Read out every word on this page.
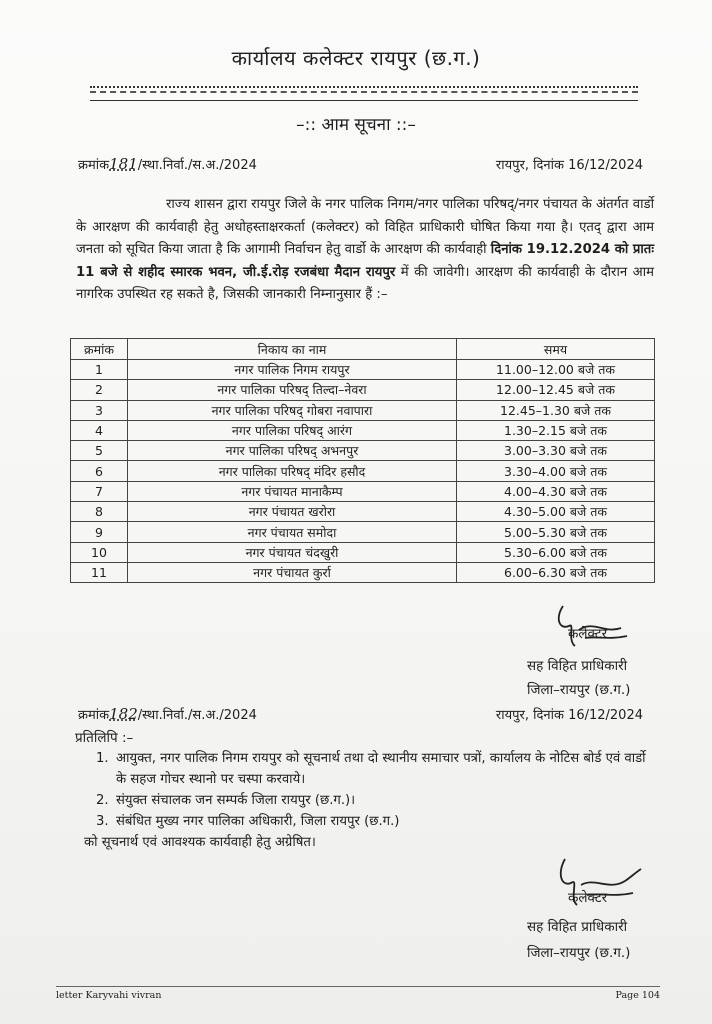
कार्यालय कलेक्टर रायपुर (छ.ग.)
–:: आम सूचना ::–
क्रमांक181/स्था.निर्वा./स.अ./2024	रायपुर, दिनांक 16/12/2024
राज्य शासन द्वारा रायपुर जिले के नगर पालिक निगम/नगर पालिका परिषद्/नगर पंचायत के अंतर्गत वार्डो के आरक्षण की कार्यवाही हेतु अधोहस्ताक्षरकर्ता (कलेक्टर) को विहित प्राधिकारी घोषित किया गया है। एतद् द्वारा आम जनता को सूचित किया जाता है कि आगामी निर्वाचन हेतु वार्डो के आरक्षण की कार्यवाही दिनांक 19.12.2024 को प्रातः 11 बजे से शहीद स्मारक भवन, जी.ई.रोड़ रजबंधा मैदान रायपुर में की जावेगी। आरक्षण की कार्यवाही के दौरान आम नागरिक उपस्थित रह सकते है, जिसकी जानकारी निम्नानुसार हैं :–
क्रमांक	निकाय का नाम	समय
1	नगर पालिक निगम रायपुर	11.00–12.00 बजे तक
2	नगर पालिका परिषद् तिल्दा–नेवरा	12.00–12.45 बजे तक
3	नगर पालिका परिषद् गोबरा नवापारा	12.45–1.30 बजे तक
4	नगर पालिका परिषद् आरंग	1.30–2.15 बजे तक
5	नगर पालिका परिषद् अभनपुर	3.00–3.30 बजे तक
6	नगर पालिका परिषद् मंदिर हसौद	3.30–4.00 बजे तक
7	नगर पंचायत मानाकैम्प	4.00–4.30 बजे तक
8	नगर पंचायत खरोरा	4.30–5.00 बजे तक
9	नगर पंचायत समोदा	5.00–5.30 बजे तक
10	नगर पंचायत चंदखुरी	5.30–6.00 बजे तक
11	नगर पंचायत कुर्रा	6.00–6.30 बजे तक
कलेक्टर
सह विहित प्राधिकारी
जिला–रायपुर (छ.ग.)
क्रमांक182/स्था.निर्वा./स.अ./2024	रायपुर, दिनांक 16/12/2024
प्रतिलिपि :–
1. आयुक्त, नगर पालिक निगम रायपुर को सूचनार्थ तथा दो स्थानीय समाचार पत्रों, कार्यालय के नोटिस बोर्ड एवं वार्डो के सहज गोचर स्थानो पर चस्पा करवाये।
2. संयुक्त संचालक जन सम्पर्क जिला रायपुर (छ.ग.)।
3. संबंधित मुख्य नगर पालिका अधिकारी, जिला रायपुर (छ.ग.)
को सूचनार्थ एवं आवश्यक कार्यवाही हेतु अग्रेषित।
कलेक्टर
सह विहित प्राधिकारी
जिला–रायपुर (छ.ग.)
letter Karyvahi vivran	Page 104
